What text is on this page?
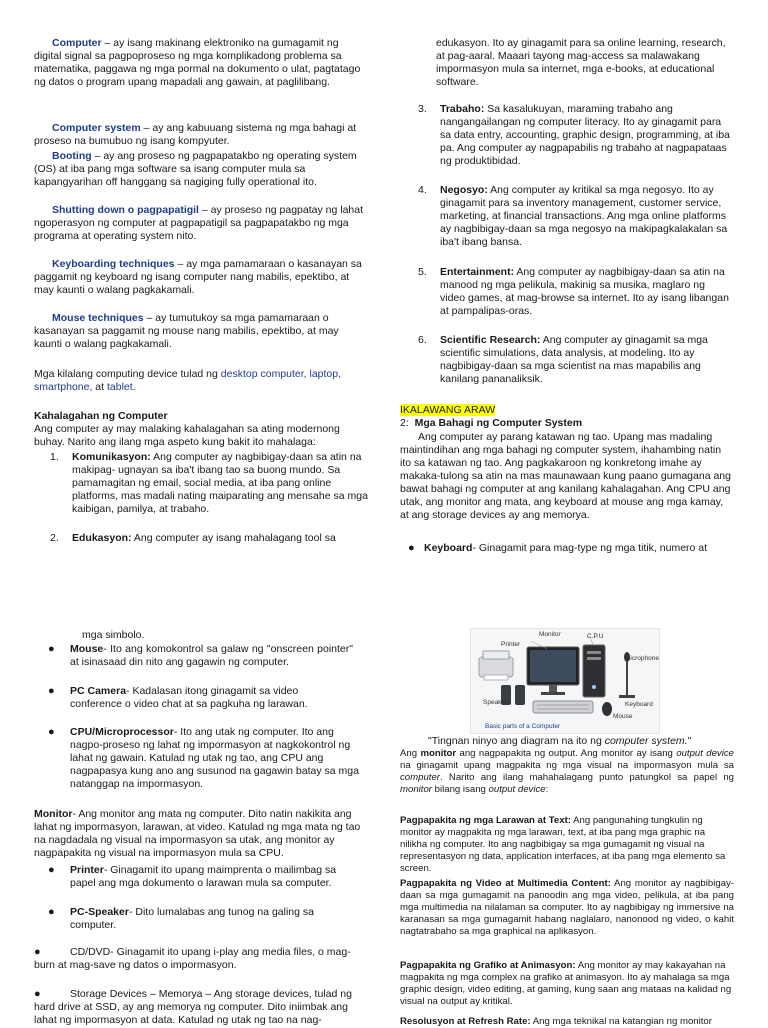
Computer – ay isang makinang elektroniko na gumagamit ng digital signal sa pagpoproseso ng mga komplikadong problema sa matematika, paggawa ng mga pormal na dokumento o ulat, pagtatago ng datos o program upang mapadali ang gawain, at paglilibang.

Computer system – ay ang kabuuang sistema ng mga bahagi at proseso na bumubuo ng isang kompyuter.

Booting – ay ang proseso ng pagpapatakbo ng operating system (OS) at iba pang mga software sa isang computer mula sa kapangyarihan off hanggang sa nagiging fully operational ito.

Shutting down o pagpapatigil – ay proseso ng pagpatay ng lahat ngoperasyon ng computer at pagpapatigil sa pagpapatakbo ng mga programa at operating system nito.

Keyboarding techniques – ay mga pamamaraan o kasanayan sa paggamit ng keyboard ng isang computer nang mabilis, epektibo, at may kaunti o walang pagkakamali.

Mouse techniques – ay tumutukoy sa mga pamamaraan o kasanayan sa paggamit ng mouse nang mabilis, epektibo, at may kaunti o walang pagkakamali.

Mga kilalang computing device tulad ng desktop computer, laptop, smartphone, at tablet.

Kahalagahan ng Computer

Ang computer ay may malaking kahalagahan sa ating modernong buhay. Narito ang ilang mga aspeto kung bakit ito mahalaga:

1. Komunikasyon: Ang computer ay nagbibigay-daan sa atin na makipag- ugnayan sa iba't ibang tao sa buong mundo. Sa pamamagitan ng email, social media, at iba pang online platforms, mas madali nating maiparating ang mensahe sa mga kaibigan, pamilya, at trabaho.
2. Edukasyon: Ang computer ay isang mahalagang tool sa

mga simbolo.

● Mouse- Ito ang komokontrol sa galaw ng "onscreen pointer" at isinasaad din nito ang gagawin ng computer.
● PC Camera- Kadalasan itong ginagamit sa video conference o video chat at sa pagkuha ng larawan.
● CPU/Microprocessor- Ito ang utak ng computer. Ito ang nagpo-proseso ng lahat ng impormasyon at nagkokontrol ng lahat ng gawain. Katulad ng utak ng tao, ang CPU ang nagpapasya kung ano ang susunod na gagawin batay sa mga natanggap na impormasyon.

Monitor- Ang monitor ang mata ng computer. Dito natin nakikita ang lahat ng impormasyon, larawan, at video. Katulad ng mga mata ng tao na nagdadala ng visual na impormasyon sa utak, ang monitor ay nagpapakita ng visual na impormasyon mula sa CPU.

● Printer- Ginagamit ito upang maimprenta o mailimbag sa papel ang mga dokumento o larawan mula sa computer.
● PC-Speaker- Dito lumalabas ang tunog na galing sa computer.
●	CD/DVD- Ginagamit ito upang i-play ang media files, o mag-burn at mag-save ng datos o impormasyon.
●	Storage Devices – Memorya – Ang storage devices, tulad ng hard drive at SSD, ay ang memorya ng computer. Dito iniimbak ang lahat ng impormasyon at data. Katulad ng utak ng tao na nag-

edukasyon. Ito ay ginagamit para sa online learning, research, at pag-aaral. Maaari tayong mag-access sa malawakang impormasyon mula sa internet, mga e-books, at educational software.

3. Trabaho: Sa kasalukuyan, maraming trabaho ang nangangailangan ng computer literacy. Ito ay ginagamit para sa data entry, accounting, graphic design, programming, at iba pa. Ang computer ay nagpapabilis ng trabaho at nagpapataas ng produktibidad.
4. Negosyo: Ang computer ay kritikal sa mga negosyo. Ito ay ginagamit para sa inventory management, customer service, marketing, at financial transactions. Ang mga online platforms ay nagbibigay-daan sa mga negosyo na makipagkalakalan sa iba't ibang bansa.
5. Entertainment: Ang computer ay nagbibigay-daan sa atin na manood ng mga pelikula, makinig sa musika, maglaro ng video games, at mag-browse sa internet. Ito ay isang libangan at pampalipas-oras.
6. Scientific Research: Ang computer ay ginagamit sa mga scientific simulations, data analysis, at modeling. Ito ay nagbibigay-daan sa mga scientist na mas mapabilis ang kanilang pananaliksik.

IKALAWANG ARAW

2: Mga Bahagi ng Computer System

Ang computer ay parang katawan ng tao. Upang mas madaling maintindihan ang mga bahagi ng computer system, ihahambing natin ito sa katawan ng tao. Ang pagkakaroon ng konkretong imahe ay makaka-tulong sa atin na mas maunawaan kung paano gumagana ang bawat bahagi ng computer at ang kanilang kahalagahan. Ang CPU ang utak, ang monitor ang mata, ang keyboard at mouse ang mga kamay, at ang storage devices ay ang memorya.

● Keyboard- Ginagamit para mag-type ng mga titik, numero at

"Tingnan ninyo ang diagram na ito ng computer system."

Ang monitor ang nagpapakita ng output. Ang monitor ay isang output device na ginagamit upang magpakita ng mga visual na impormasyon mula sa computer. Narito ang ilang mahahalagang punto patungkol sa papel ng monitor bilang isang output device:

Pagpapakita ng mga Larawan at Text: Ang pangunahing tungkulin ng monitor ay magpakita ng mga larawan, text, at iba pang mga graphic na nilikha ng computer. Ito ang nagbibigay sa mga gumagamit ng visual na representasyon ng data, application interfaces, at iba pang mga elemento sa screen.

Pagpapakita ng Video at Multimedia Content: Ang monitor ay nagbibigay-daan sa mga gumagamit na panoodin ang mga video, pelikula, at iba pang mga multimedia na nilalaman sa computer. Ito ay nagbibigay ng immersive na karanasan sa mga gumagamit habang naglalaro, nanonood ng video, o kahit nagtatrabaho sa mga graphical na aplikasyon.

Pagpapakita ng Grafiko at Animasyon: Ang monitor ay may kakayahan na magpakita ng mga complex na grafiko at animasyon. Ito ay mahalaga sa mga graphic design, video editing, at gaming, kung saan ang mataas na kalidad ng visual na output ay kritikal.

Resolusyon at Refresh Rate: Ang mga teknikal na katangian ng monitor

Monitor	C.P.U
Printer
Microphone
Speakers	Keyboard
Mouse
Basic parts of a Computer
